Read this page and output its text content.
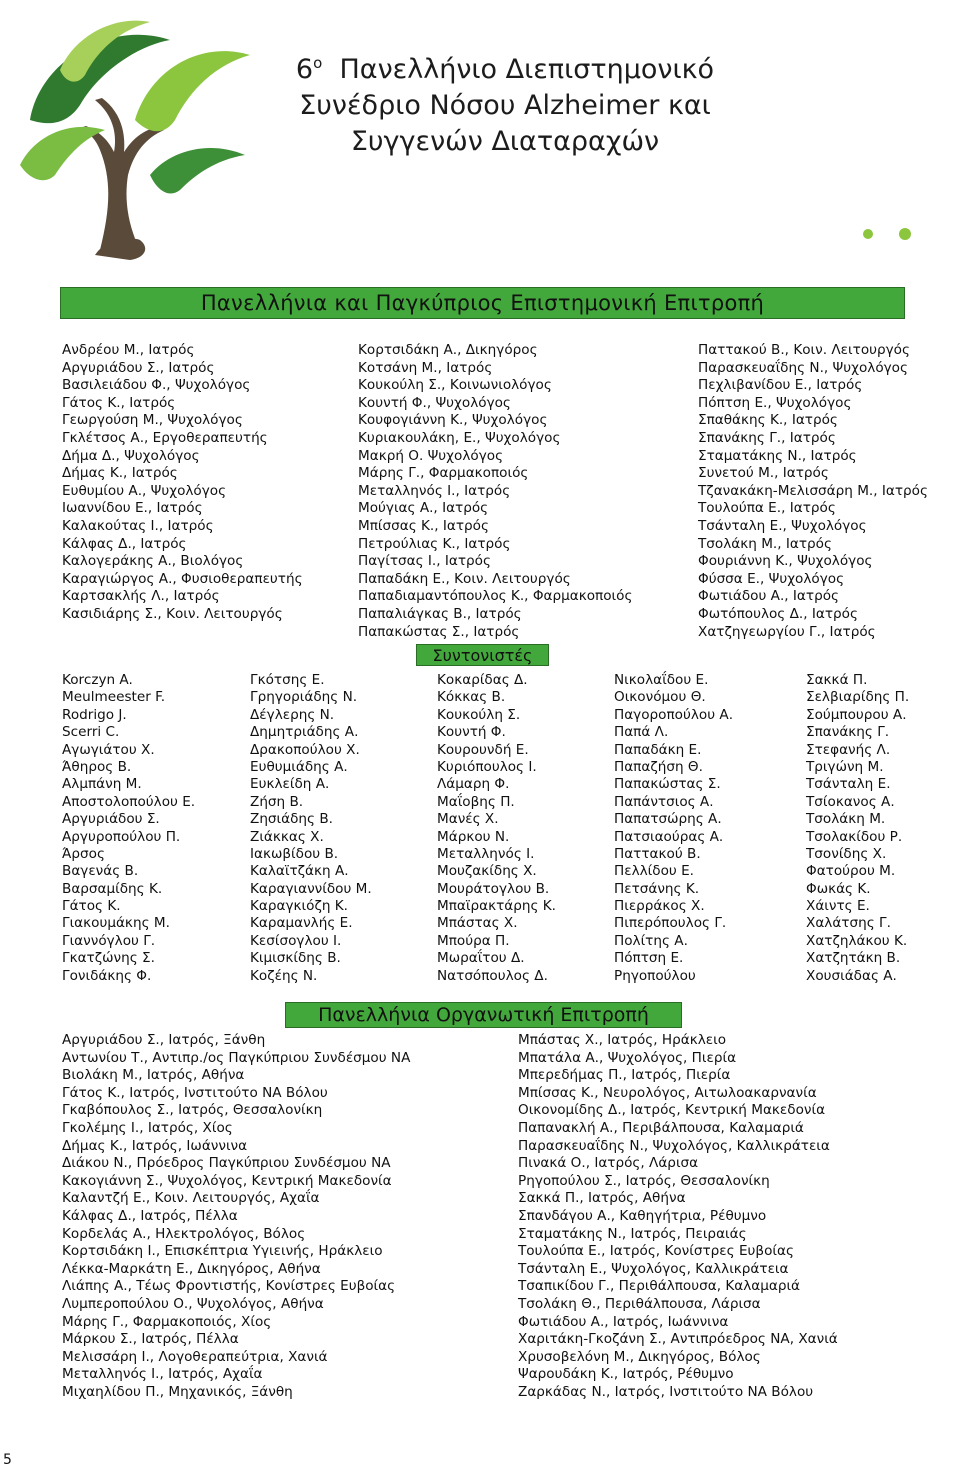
$6^o$ Πανελλήνιο Διεπιστημονικό
Συνέδριο Νόσου Alzheimer και
Συγγενών Διαταραχών
Πανελλήνια και Παγκύπριος Επιστημονική Επιτροπή
Ανδρέου Μ., Ιατρός
Αργυριάδου Σ., Ιατρός
Βασιλειάδου Φ., Ψυχολόγος
Γάτος Κ., Ιατρός
Γεωργούση Μ., Ψυχολόγος
Γκλέτσος Α., Εργοθεραπευτής
Δήμα Δ., Ψυχολόγος
Δήμας Κ., Ιατρός
Ευθυμίου Α., Ψυχολόγος
Ιωαννίδου Ε., Ιατρός
Καλακούτας Ι., Ιατρός
Κάλφας Δ., Ιατρός
Καλογεράκης Α., Βιολόγος
Καραγιώργος Α., Φυσιοθεραπευτής
Καρτσακλής Λ., Ιατρός
Κασιδιάρης Σ., Κοιν. Λειτουργός
Κορτσιδάκη Α., Δικηγόρος
Κοτσάνη Μ., Ιατρός
Κουκούλη Σ., Κοινωνιολόγος
Κουντή Φ., Ψυχολόγος
Κουφογιάννη Κ., Ψυχολόγος
Κυριακουλάκη, Ε., Ψυχολόγος
Μακρή Ο. Ψυχολόγος
Μάρης Γ., Φαρμακοποιός
Μεταλληνός Ι., Ιατρός
Μούγιας Α., Ιατρός
Μπίσσας Κ., Ιατρός
Πετρούλιας Κ., Ιατρός
Παγίτσας Ι., Ιατρός
Παπαδάκη Ε., Κοιν. Λειτουργός
Παπαδιαμαντόπουλος Κ., Φαρμακοποιός
Παπαλιάγκας Β., Ιατρός
Παπακώστας Σ., Ιατρός
Παττακού Β., Κοιν. Λειτουργός
Παρασκευαΐδης Ν., Ψυχολόγος
Πεχλιβανίδου Ε., Ιατρός
Πόπτση Ε., Ψυχολόγος
Σπαθάκης Κ., Ιατρός
Σπανάκης Γ., Ιατρός
Σταματάκης Ν., Ιατρός
Συνετού Μ., Ιατρός
Τζανακάκη-Μελισσάρη Μ., Ιατρός
Τουλούπα Ε., Ιατρός
Τσάνταλη Ε., Ψυχολόγος
Τσολάκη Μ., Ιατρός
Φουριάννη Κ., Ψυχολόγος
Φύσσα Ε., Ψυχολόγος
Φωτιάδου Α., Ιατρός
Φωτόπουλος Δ., Ιατρός
Χατζηγεωργίου Γ., Ιατρός
Συντονιστές
Korczyn A.
Meulmeester F.
Rodrigo J.
Scerri C.
Αγωγιάτου Χ.
Άθηρος Β.
Αλμπάνη Μ.
Αποστολοπούλου Ε.
Αργυριάδου Σ.
Αργυροπούλου Π.
Άρσος
Βαγενάς Β.
Βαρσαμίδης Κ.
Γάτος Κ.
Γιακουμάκης Μ.
Γιαννόγλου Γ.
Γκατζώνης Σ.
Γονιδάκης Φ.
Γκότσης Ε.
Γρηγοριάδης Ν.
Δέγλερης Ν.
Δημητριάδης Α.
Δρακοπούλου Χ.
Ευθυμιάδης Α.
Ευκλείδη Α.
Ζήση Β.
Ζησιάδης Β.
Ζιάκκας Χ.
Ιακωβίδου Β.
Καλαϊτζάκη Α.
Καραγιαννίδου Μ.
Καραγκιόζη Κ.
Καραμανλής Ε.
Κεσίσογλου Ι.
Κιμισκίδης Β.
Κοζέης Ν.
Κοκαρίδας Δ.
Κόκκας Β.
Κουκούλη Σ.
Κουντή Φ.
Κουρουνδή Ε.
Κυριόπουλος Ι.
Λάμαρη Φ.
Μαΐοβης Π.
Μανές Χ.
Μάρκου Ν.
Μεταλληνός Ι.
Μουζακίδης Χ.
Μουράτογλου Β.
Μπαϊρακτάρης Κ.
Μπάστας Χ.
Μπούρα Π.
Μωραΐτου Δ.
Νατσόπουλος Δ.
Νικολαΐδου Ε.
Οικονόμου Θ.
Παγοροπούλου Α.
Παπά Λ.
Παπαδάκη Ε.
Παπαζήση Θ.
Παπακώστας Σ.
Παπάντσιος Α.
Παπατσώρης Α.
Πατσιαούρας Α.
Παττακού Β.
Πελλίδου Ε.
Πετσάνης Κ.
Πιερράκος Χ.
Πιπερόπουλος Γ.
Πολίτης Α.
Πόπτση Ε.
Ρηγοπούλου
Σακκά Π.
Σελβιαρίδης Π.
Σούμπουρου Α.
Σπανάκης Γ.
Στεφανής Λ.
Τριγώνη Μ.
Τσάνταλη Ε.
Τσίοκανος Α.
Τσολάκη Μ.
Τσολακίδου Ρ.
Τσονίδης Χ.
Φατούρου Μ.
Φωκάς Κ.
Χάιντς Ε.
Χαλάτσης Γ.
Χατζηλάκου Κ.
Χατζητάκη Β.
Χουσιάδας Α.
Πανελλήνια Οργανωτική Επιτροπή
Αργυριάδου Σ., Ιατρός, Ξάνθη
Αντωνίου Τ., Αντιπρ./ος Παγκύπριου Συνδέσμου ΝΑ
Βιολάκη Μ., Ιατρός, Αθήνα
Γάτος Κ., Ιατρός, Ινστιτούτο ΝΑ Βόλου
Γκαβόπουλος Σ., Ιατρός, Θεσσαλονίκη
Γκολέμης Ι., Ιατρός, Χίος
Δήμας Κ., Ιατρός, Ιωάννινα
Διάκου Ν., Πρόεδρος Παγκύπριου Συνδέσμου ΝΑ
Κακογιάννη Σ., Ψυχολόγος, Κεντρική Μακεδονία
Καλαντζή Ε., Κοιν. Λειτουργός, Αχαΐα
Κάλφας Δ., Ιατρός, Πέλλα
Κορδελάς Α., Ηλεκτρολόγος, Βόλος
Κορτσιδάκη Ι., Επισκέπτρια Υγιεινής, Ηράκλειο
Λέκκα-Μαρκάτη Ε., Δικηγόρος, Αθήνα
Λιάπης Α., Τέως Φροντιστής, Κονίστρες Ευβοίας
Λυμπεροπούλου Ο., Ψυχολόγος, Αθήνα
Μάρης Γ., Φαρμακοποιός, Χίος
Μάρκου Σ., Ιατρός, Πέλλα
Μελισσάρη Ι., Λογοθεραπεύτρια, Χανιά
Μεταλληνός Ι., Ιατρός, Αχαΐα
Μιχαηλίδου Π., Μηχανικός, Ξάνθη
Μπάστας Χ., Ιατρός, Ηράκλειο
Μπατάλα Α., Ψυχολόγος, Πιερία
Μπερεδήμας Π., Ιατρός, Πιερία
Μπίσσας Κ., Νευρολόγος, Αιτωλοακαρνανία
Οικονομίδης Δ., Ιατρός, Κεντρική Μακεδονία
Παπανακλή Α., Περιβάλπουσα, Καλαμαριά
Παρασκευαΐδης Ν., Ψυχολόγος, Καλλικράτεια
Πινακά Ο., Ιατρός, Λάρισα
Ρηγοπούλου Σ., Ιατρός, Θεσσαλονίκη
Σακκά Π., Ιατρός, Αθήνα
Σπανδάγου Α., Καθηγήτρια, Ρέθυμνο
Σταματάκης Ν., Ιατρός, Πειραιάς
Τουλούπα Ε., Ιατρός, Κονίστρες Ευβοίας
Τσάνταλη Ε., Ψυχολόγος, Καλλικράτεια
Τσαπικίδου Γ., Περιθάλπουσα, Καλαμαριά
Τσολάκη Θ., Περιθάλπουσα, Λάρισα
Φωτιάδου Α., Ιατρός, Ιωάννινα
Χαριτάκη-Γκοζάνη Σ., Αντιπρόεδρος ΝΑ, Χανιά
Χρυσοβελόνη Μ., Δικηγόρος, Βόλος
Ψαρουδάκη Κ., Ιατρός, Ρέθυμνο
Ζαρκάδας Ν., Ιατρός, Ινστιτούτο ΝΑ Βόλου
5
